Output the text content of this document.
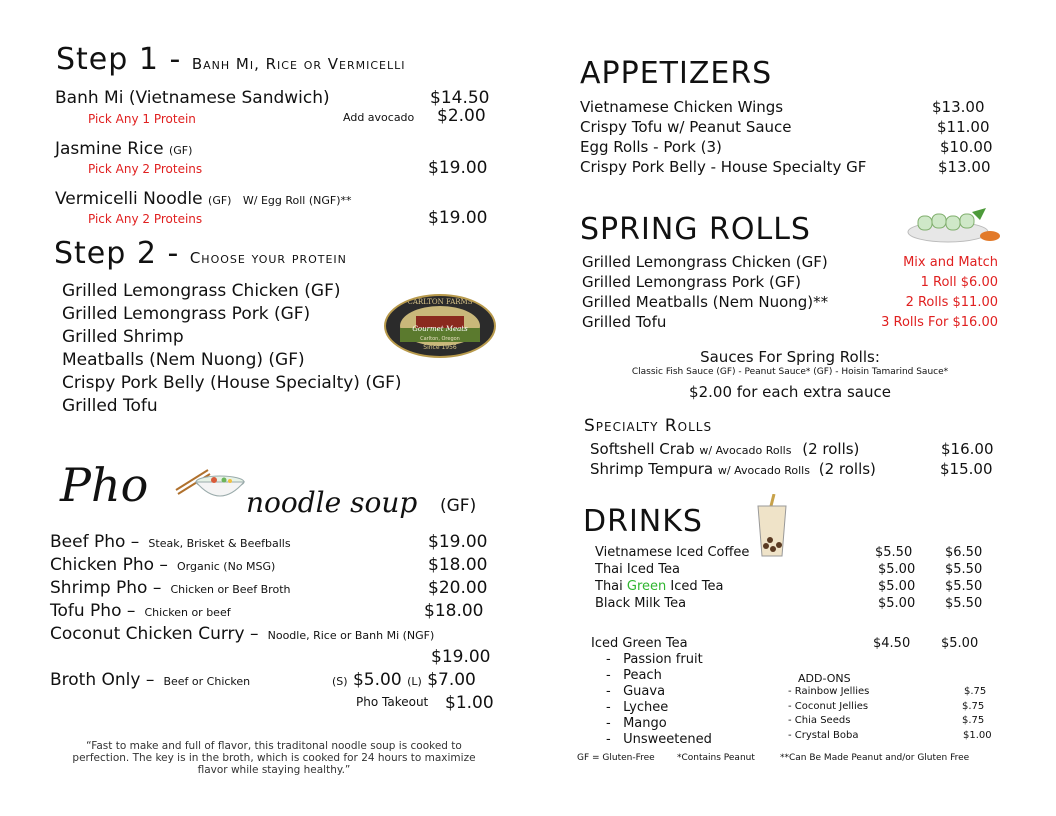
Step 1 - Banh Mi, Rice or Vermicelli
Banh Mi (Vietnamese Sandwich)	$14.50
Pick Any 1 Protein	Add avocado $2.00
Jasmine Rice (GF)
Pick Any 2 Proteins	$19.00
Vermicelli Noodle (GF) W/ Egg Roll (NGF)**
Pick Any 2 Proteins	$19.00
Step 2 - Choose your protein
Grilled Lemongrass Chicken (GF)
Grilled Lemongrass Pork (GF)
Grilled Shrimp
Meatballs (Nem Nuong) (GF)
Crispy Pork Belly (House Specialty) (GF)
Grilled Tofu
CARLTON FARMS
Gourmet Meats
Carlton, Oregon
Since 1956
Pho	noodle soup (GF)
Beef Pho – Steak, Brisket & Beefballs	$19.00
Chicken Pho – Organic (No MSG)	$18.00
Shrimp Pho – Chicken or Beef Broth	$20.00
Tofu Pho – Chicken or beef	$18.00
Coconut Chicken Curry – Noodle, Rice or Banh Mi (NGF)
$19.00
Broth Only – Beef or Chicken	(S) $5.00 (L) $7.00
Pho Takeout $1.00
“Fast to make and full of flavor, this traditonal noodle soup is cooked to perfection. The key is in the broth, which is cooked for 24 hours to maximize flavor while staying healthy.”
APPETIZERS
Vietnamese Chicken Wings	$13.00
Crispy Tofu w/ Peanut Sauce	$11.00
Egg Rolls - Pork (3)	$10.00
Crispy Pork Belly - House Specialty GF	$13.00
SPRING ROLLS
Grilled Lemongrass Chicken (GF)	Mix and Match
Grilled Lemongrass Pork (GF)	1 Roll $6.00
Grilled Meatballs (Nem Nuong)**	2 Rolls $11.00
Grilled Tofu	3 Rolls For $16.00
Sauces For Spring Rolls:
Classic Fish Sauce (GF) - Peanut Sauce* (GF) - Hoisin Tamarind Sauce*
$2.00 for each extra sauce
Specialty Rolls
Softshell Crab w/ Avocado Rolls (2 rolls)	$16.00
Shrimp Tempura w/ Avocado Rolls (2 rolls)	$15.00
DRINKS
Vietnamese Iced Coffee	$5.50	$6.50
Thai Iced Tea	$5.00 $5.50
Thai Green Iced Tea	$5.00 $5.50
Black Milk Tea	$5.00 $5.50
Iced Green Tea	$4.50 $5.00
-   Passion fruit
-   Peach
-   Guava
-   Lychee
-   Mango
-   Unsweetened
ADD-ONS
- Rainbow Jellies	$.75
- Coconut Jellies	$.75
- Chia Seeds	$.75
- Crystal Boba	$1.00
GF = Gluten-Free *Contains Peanut	**Can Be Made Peanut and/or Gluten Free
